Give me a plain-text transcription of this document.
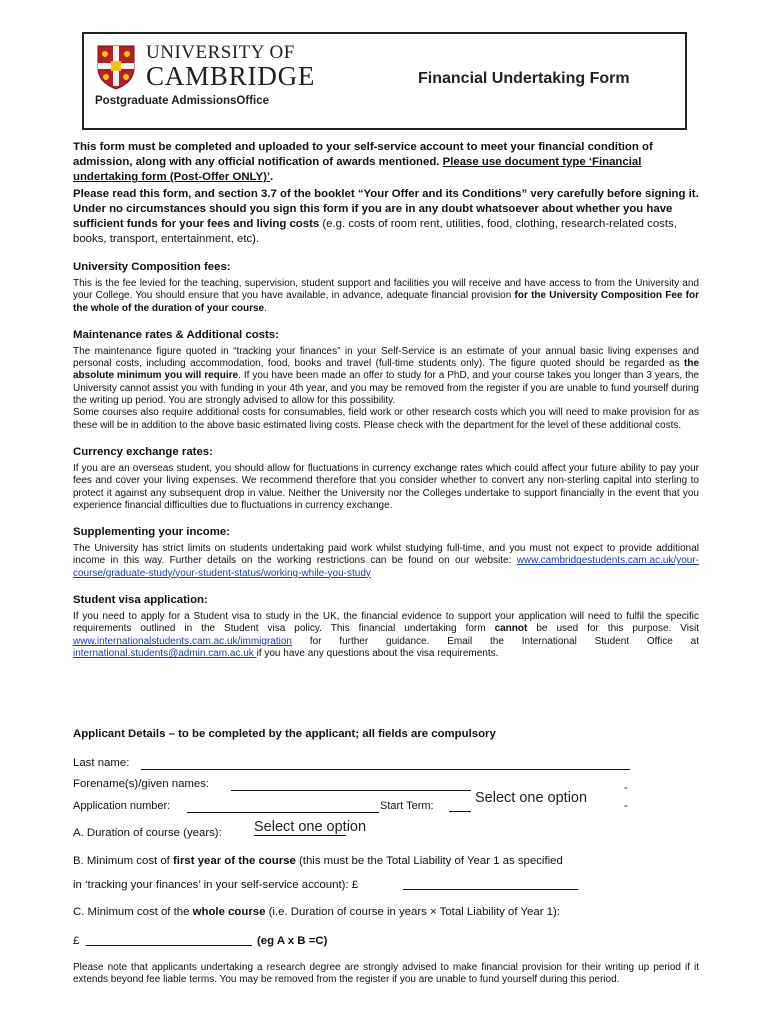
UNIVERSITY OF
CAMBRIDGE	Financial Undertaking Form
Postgraduate AdmissionsOffice
This form must be completed and uploaded to your self-service account to meet your financial condition of admission, along with any official notification of awards mentioned. Please use document type ‘Financial undertaking form (Post-Offer ONLY)’.
Please read this form, and section 3.7 of the booklet “Your Offer and its Conditions” very carefully before signing it. Under no circumstances should you sign this form if you are in any doubt whatsoever about whether you have sufficient funds for your fees and living costs (e.g. costs of room rent, utilities, food, clothing, research-related costs, books, transport, entertainment, etc).
University Composition fees:
This is the fee levied for the teaching, supervision, student support and facilities you will receive and have access to from the University and your College. You should ensure that you have available, in advance, adequate financial provision for the University Composition Fee for the whole of the duration of your course.
Maintenance rates & Additional costs:
The maintenance figure quoted in “tracking your finances” in your Self-Service is an estimate of your annual basic living expenses and personal costs, including accommodation, food, books and travel (full-time students only). The figure quoted should be regarded as the absolute minimum you will require. If you have been made an offer to study for a PhD, and your course takes you longer than 3 years, the University cannot assist you with funding in your 4th year, and you may be removed from the register if you are unable to fund yourself during the writing up period. You are strongly advised to allow for this possibility.
Some courses also require additional costs for consumables, field work or other research costs which you will need to make provision for as these will be in addition to the above basic estimated living costs. Please check with the department for the level of these additional costs.
Currency exchange rates:
If you are an overseas student, you should allow for fluctuations in currency exchange rates which could affect your future ability to pay your fees and cover your living expenses. We recommend therefore that you consider whether to convert any non-sterling capital into sterling to protect it against any subsequent drop in value. Neither the University nor the Colleges undertake to support financially in the event that you experience financial difficulties due to fluctuations in currency exchange.
Supplementing your income:
The University has strict limits on students undertaking paid work whilst studying full-time, and you must not expect to provide additional income in this way. Further details on the working restrictions can be found on our website: www.cambridgestudents.cam.ac.uk/your-course/graduate-study/your-student-status/working-while-you-study
Student visa application:
If you need to apply for a Student visa to study in the UK, the financial evidence to support your application will need to fulfil the specific requirements outlined in the Student visa policy. This financial undertaking form cannot be used for this purpose. Visit www.internationalstudents.cam.ac.uk/immigration for further guidance. Email the International Student Office at international.students@admin.cam.ac.uk if you have any questions about the visa requirements.
Applicant Details – to be completed by the applicant; all fields are compulsory
Last name:
Forename(s)/given names:
Application number:	Start Term:	Select one option
-
-
A. Duration of course (years): Select one option
B. Minimum cost of first year of the course (this must be the Total Liability of Year 1 as specified
in ‘tracking your finances’ in your self-service account): £
C. Minimum cost of the whole course (i.e. Duration of course in years × Total Liability of Year 1):
£	(eg A x B =C)
Please note that applicants undertaking a research degree are strongly advised to make financial provision for their writing up period if it extends beyond fee liable terms. You may be removed from the register if you are unable to fund yourself during this period.
